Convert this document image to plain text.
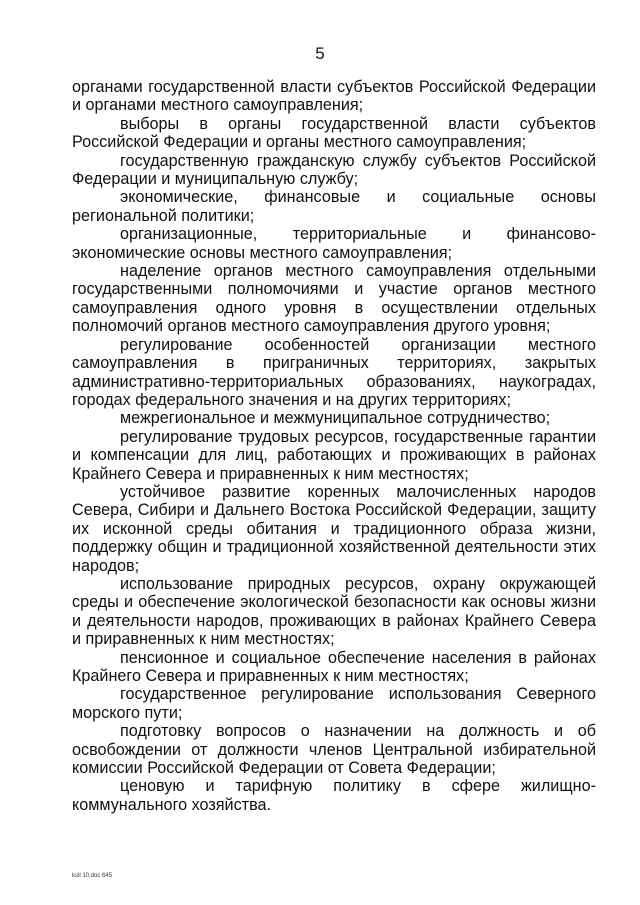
5

органами государственной власти субъектов Российской Федерации и органами местного самоуправления;

выборы в органы государственной власти субъектов Российской Федерации и органы местного самоуправления;

государственную гражданскую службу субъектов Российской Федерации и муниципальную службу;

экономические, финансовые и социальные основы региональной политики;

организационные, территориальные и финансово-экономические основы местного самоуправления;

наделение органов местного самоуправления отдельными государственными полномочиями и участие органов местного самоуправления одного уровня в осуществлении отдельных полномочий органов местного самоуправления другого уровня;

регулирование особенностей организации местного самоуправления в приграничных территориях, закрытых административно-территориальных образованиях, наукоградах, городах федерального значения и на других территориях;

межрегиональное и межмуниципальное сотрудничество;

регулирование трудовых ресурсов, государственные гарантии и компенсации для лиц, работающих и проживающих в районах Крайнего Севера и приравненных к ним местностях;

устойчивое развитие коренных малочисленных народов Севера, Сибири и Дальнего Востока Российской Федерации, защиту их исконной среды обитания и традиционного образа жизни, поддержку общин и традиционной хозяйственной деятельности этих народов;

использование природных ресурсов, охрану окружающей среды и обеспечение экологической безопасности как основы жизни и деятельности народов, проживающих в районах Крайнего Севера и приравненных к ним местностях;

пенсионное и социальное обеспечение населения в районах Крайнего Севера и приравненных к ним местностях;

государственное регулирование использования Северного морского пути;

подготовку вопросов о назначении на должность и об освобождении от должности членов Центральной избирательной комиссии Российской Федерации от Совета Федерации;

ценовую и тарифную политику в сфере жилищно-коммунального хозяйства.

ksll 10.doc 645
